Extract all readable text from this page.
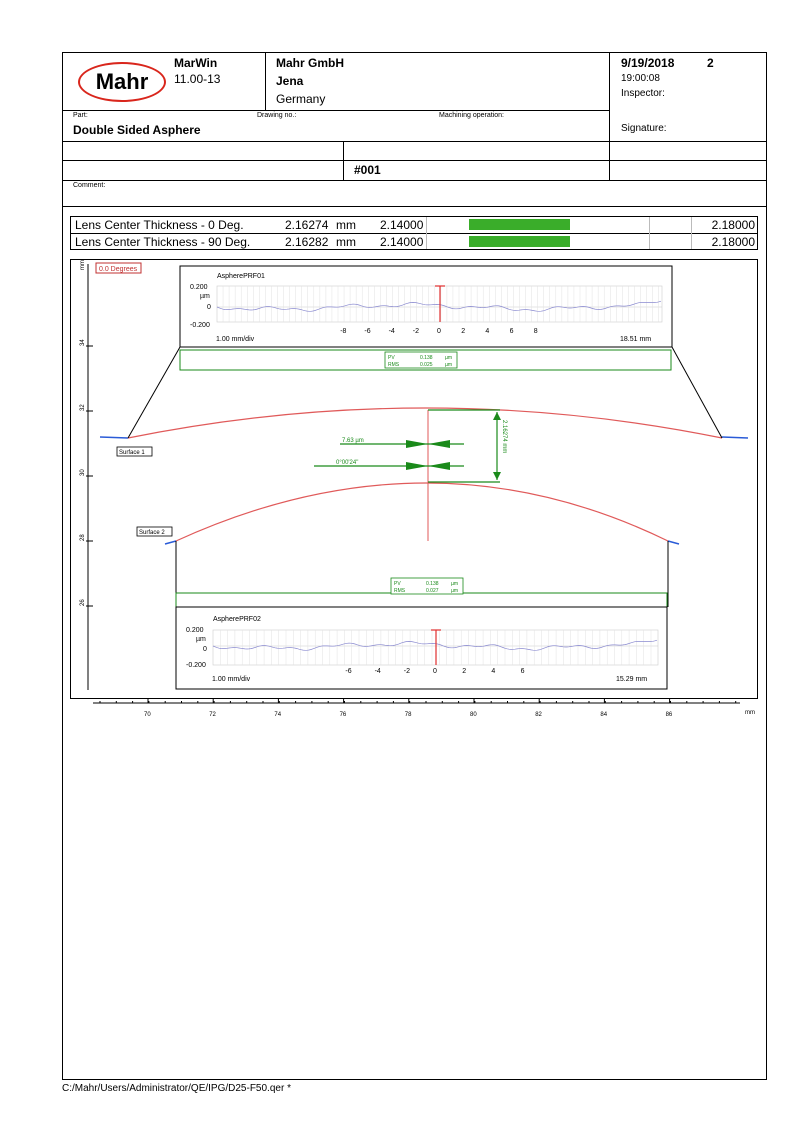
Mahr
MarWin
11.00-13
Mahr GmbH
Jena
Germany
9/19/2018	2
19:00:08
Inspector:
Part:
Double Sided Asphere
Drawing no.:	Machining operation:
Signature:
#001
Comment:
Lens Center Thickness - 0 Deg.	2.16274 mm 2.14000	2.18000
Lens Center Thickness - 90 Deg.	2.16282 mm 2.14000	2.18000
0.0 Degrees
mm
34
32
30
28
26
70	72	74	76	78	80	82	84	86	mm
Surface 1
Surface 2
7.63 µm
0°00'24"
2.16274 mm
PV	0.138 µm
RMS	0.025 µm
PV	0.138 µm
RMS	0.027 µm
AspherePRF01
0.200
µm
0
-0.200
-8	-6	-4	-2	0	2	4	6	8
1.00 mm/div	18.51 mm
AspherePRF02
0.200
µm
0
-0.200
-6	-4	-2	0	2	4	6
1.00 mm/div	15.29 mm
C:/Mahr/Users/Administrator/QE/IPG/D25-F50.qer *
